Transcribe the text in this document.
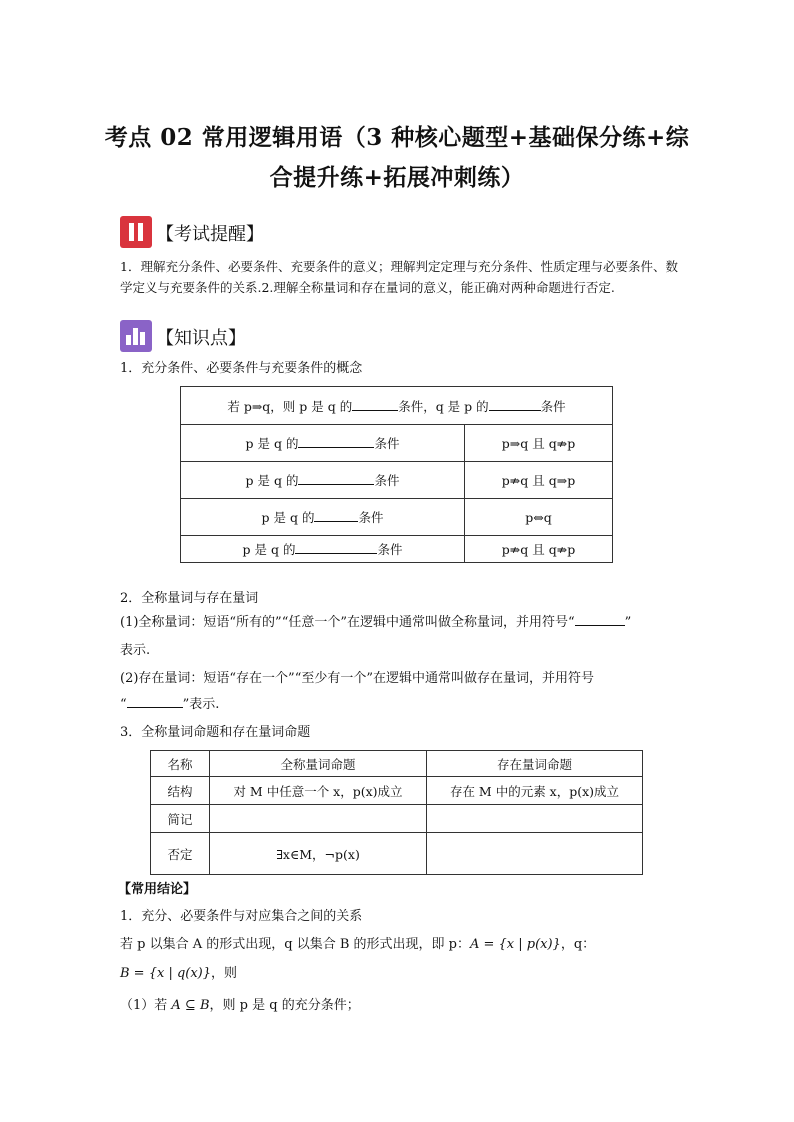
考点 02 常用逻辑用语（3 种核心题型+基础保分练+综
合提升练+拓展冲刺练）
【考试提醒】
1．理解充分条件、必要条件、充要条件的意义；理解判定定理与充分条件、性质定理与必要条件、数学定义与充要条件的关系.2.理解全称量词和存在量词的意义，能正确对两种命题进行否定.
【知识点】
1．充分条件、必要条件与充要条件的概念
若 p⇒q，则 p 是 q 的 条件，q 是 p 的 条件	
p 是 q 的 条件	p⇒q 且 q⇏p
p 是 q 的 条件	p⇏q 且 q⇒p
p 是 q 的 条件	p⇔q
p 是 q 的 条件	p⇏q 且 q⇏p
2．全称量词与存在量词
(1)全称量词：短语“所有的”“任意一个”在逻辑中通常叫做全称量词，并用符号“	”
表示.
(2)存在量词：短语“存在一个”“至少有一个”在逻辑中通常叫做存在量词，并用符号
“	”表示.
3．全称量词命题和存在量词命题
名称	全称量词命题	存在量词命题
结构	对 M 中任意一个 x，p(x)成立	存在 M 中的元素 x，p(x)成立
简记		
否定	∃x∈M，¬p(x)	
【常用结论】
1．充分、必要条件与对应集合之间的关系
若 p 以集合 A 的形式出现，q 以集合 B 的形式出现，即 p：A = {x | p(x)}，q：
B = {x | q(x)}，则
（1）若 A ⊆ B，则 p 是 q 的充分条件；
